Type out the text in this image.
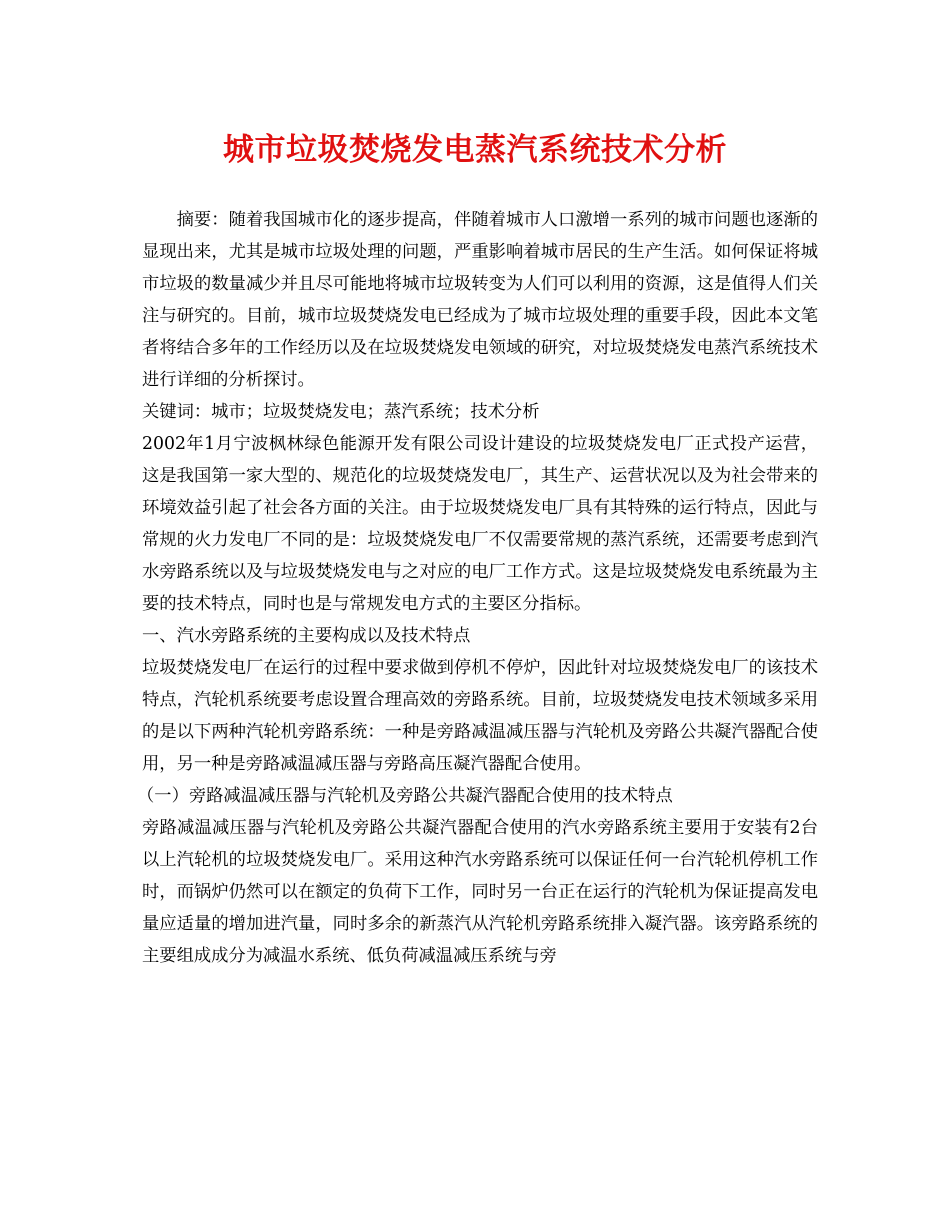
城市垃圾焚烧发电蒸汽系统技术分析

摘要：随着我国城市化的逐步提高，伴随着城市人口激增一系列的城市问题也逐渐的显现出来，尤其是城市垃圾处理的问题，严重影响着城市居民的生产生活。如何保证将城市垃圾的数量减少并且尽可能地将城市垃圾转变为人们可以利用的资源，这是值得人们关注与研究的。目前，城市垃圾焚烧发电已经成为了城市垃圾处理的重要手段，因此本文笔者将结合多年的工作经历以及在垃圾焚烧发电领域的研究，对垃圾焚烧发电蒸汽系统技术进行详细的分析探讨。

关键词：城市；垃圾焚烧发电；蒸汽系统；技术分析

2002年1月宁波枫林绿色能源开发有限公司设计建设的垃圾焚烧发电厂正式投产运营，这是我国第一家大型的、规范化的垃圾焚烧发电厂，其生产、运营状况以及为社会带来的环境效益引起了社会各方面的关注。由于垃圾焚烧发电厂具有其特殊的运行特点，因此与常规的火力发电厂不同的是：垃圾焚烧发电厂不仅需要常规的蒸汽系统，还需要考虑到汽水旁路系统以及与垃圾焚烧发电与之对应的电厂工作方式。这是垃圾焚烧发电系统最为主要的技术特点，同时也是与常规发电方式的主要区分指标。

一、汽水旁路系统的主要构成以及技术特点

垃圾焚烧发电厂在运行的过程中要求做到停机不停炉，因此针对垃圾焚烧发电厂的该技术特点，汽轮机系统要考虑设置合理高效的旁路系统。目前，垃圾焚烧发电技术领域多采用的是以下两种汽轮机旁路系统：一种是旁路减温减压器与汽轮机及旁路公共凝汽器配合使用，另一种是旁路减温减压器与旁路高压凝汽器配合使用。

（一）旁路减温减压器与汽轮机及旁路公共凝汽器配合使用的技术特点

旁路减温减压器与汽轮机及旁路公共凝汽器配合使用的汽水旁路系统主要用于安装有2台以上汽轮机的垃圾焚烧发电厂。采用这种汽水旁路系统可以保证任何一台汽轮机停机工作时，而锅炉仍然可以在额定的负荷下工作，同时另一台正在运行的汽轮机为保证提高发电量应适量的增加进汽量，同时多余的新蒸汽从汽轮机旁路系统排入凝汽器。该旁路系统的主要组成成分为减温水系统、低负荷减温减压系统与旁
